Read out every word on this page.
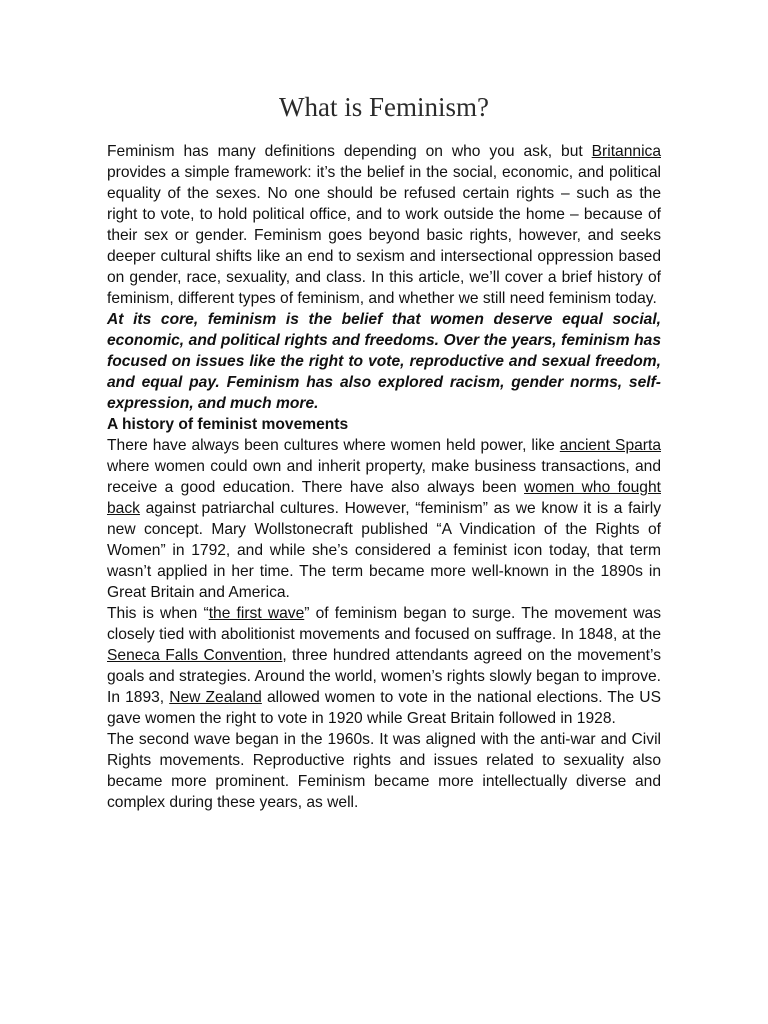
What is Feminism?

Feminism has many definitions depending on who you ask, but Britannica provides a simple framework: it’s the belief in the social, economic, and political equality of the sexes. No one should be refused certain rights – such as the right to vote, to hold political office, and to work outside the home – because of their sex or gender. Feminism goes beyond basic rights, however, and seeks deeper cultural shifts like an end to sexism and intersectional oppression based on gender, race, sexuality, and class. In this article, we’ll cover a brief history of feminism, different types of feminism, and whether we still need feminism today.

At its core, feminism is the belief that women deserve equal social, economic, and political rights and freedoms. Over the years, feminism has focused on issues like the right to vote, reproductive and sexual freedom, and equal pay. Feminism has also explored racism, gender norms, self-expression, and much more.

A history of feminist movements

There have always been cultures where women held power, like ancient Sparta where women could own and inherit property, make business transactions, and receive a good education. There have also always been women who fought back against patriarchal cultures. However, “feminism” as we know it is a fairly new concept. Mary Wollstonecraft published “A Vindication of the Rights of Women” in 1792, and while she’s considered a feminist icon today, that term wasn’t applied in her time. The term became more well-known in the 1890s in Great Britain and America.

This is when “the first wave” of feminism began to surge. The movement was closely tied with abolitionist movements and focused on suffrage. In 1848, at the Seneca Falls Convention, three hundred attendants agreed on the movement’s goals and strategies. Around the world, women’s rights slowly began to improve. In 1893, New Zealand allowed women to vote in the national elections. The US gave women the right to vote in 1920 while Great Britain followed in 1928.

The second wave began in the 1960s. It was aligned with the anti-war and Civil Rights movements. Reproductive rights and issues related to sexuality also became more prominent. Feminism became more intellectually diverse and complex during these years, as well.
